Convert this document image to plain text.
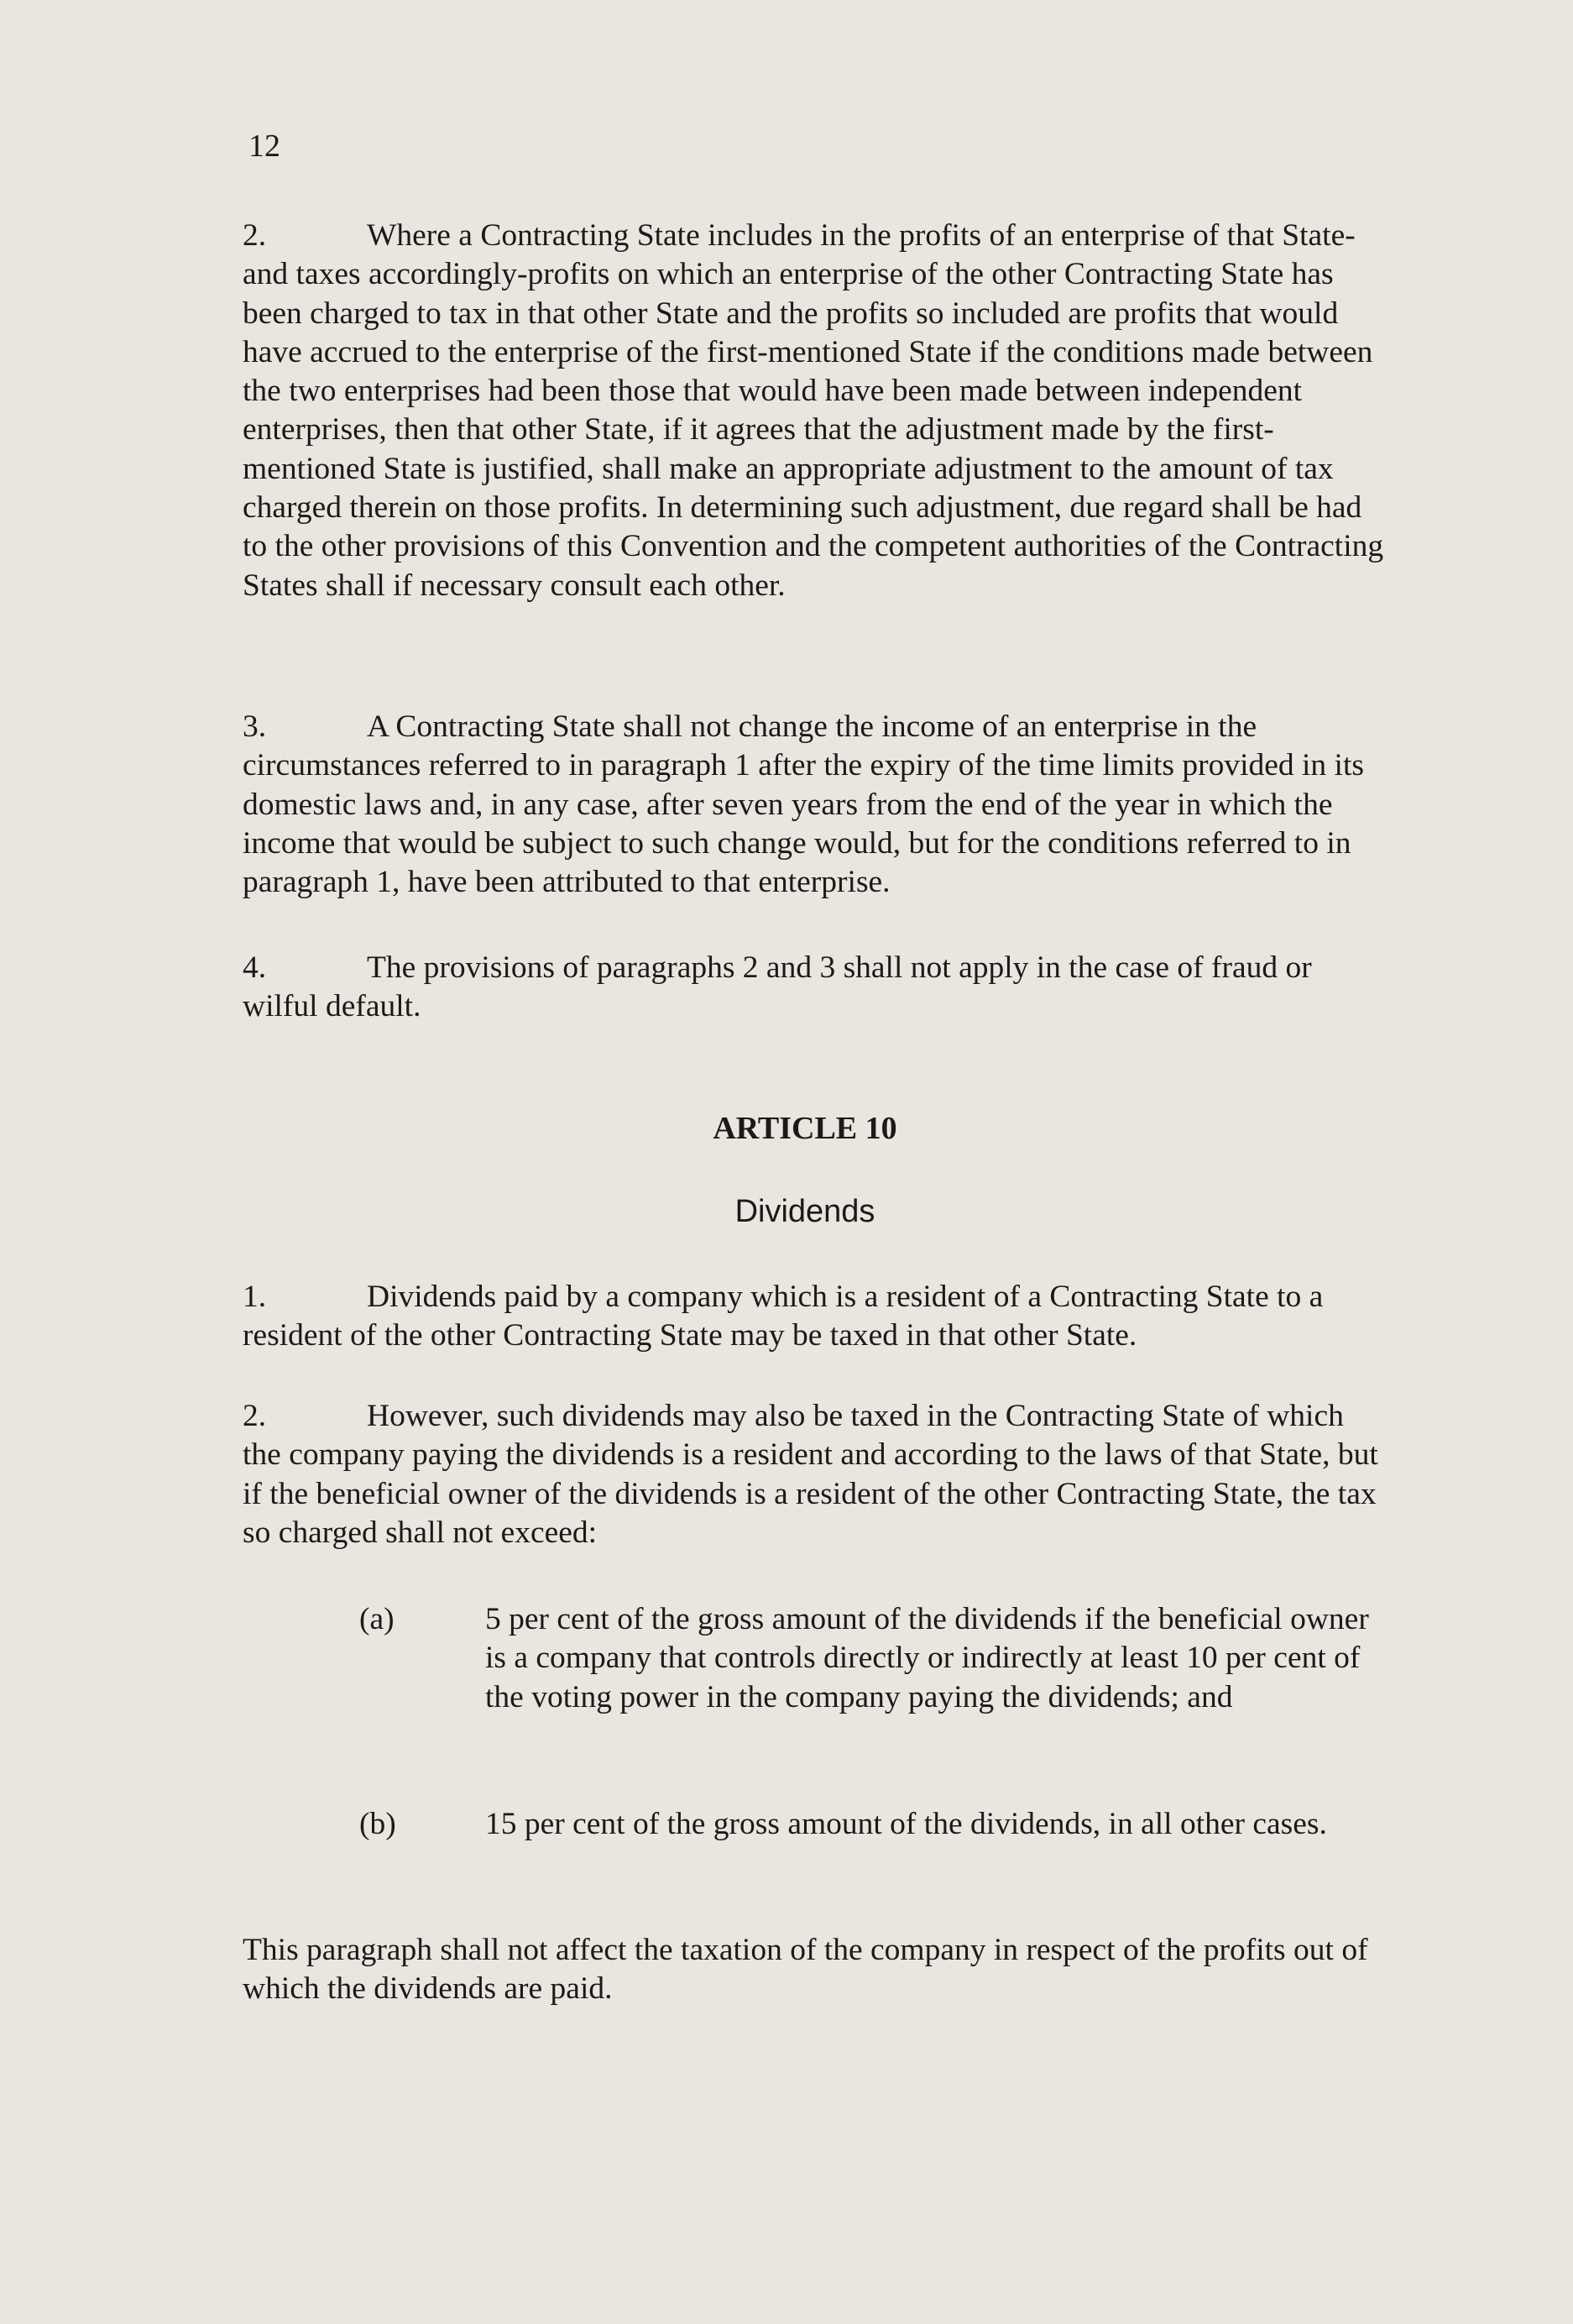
12
2.	Where a Contracting State includes in the profits of an enterprise of that State-and taxes accordingly-profits on which an enterprise of the other Contracting State has been charged to tax in that other State and the profits so included are profits that would have accrued to the enterprise of the first-mentioned State if the conditions made between the two enterprises had been those that would have been made between independent enterprises, then that other State, if it agrees that the adjustment made by the first-mentioned State is justified, shall make an appropriate adjustment to the amount of tax charged therein on those profits. In determining such adjustment, due regard shall be had to the other provisions of this Convention and the competent authorities of the Contracting States shall if necessary consult each other.
3.	A Contracting State shall not change the income of an enterprise in the circumstances referred to in paragraph 1 after the expiry of the time limits provided in its domestic laws and, in any case, after seven years from the end of the year in which the income that would be subject to such change would, but for the conditions referred to in paragraph 1, have been attributed to that enterprise.
4.	The provisions of paragraphs 2 and 3 shall not apply in the case of fraud or wilful default.
ARTICLE 10
Dividends
1.	Dividends paid by a company which is a resident of a Contracting State to a resident of the other Contracting State may be taxed in that other State.
2.	However, such dividends may also be taxed in the Contracting State of which the company paying the dividends is a resident and according to the laws of that State, but if the beneficial owner of the dividends is a resident of the other Contracting State, the tax so charged shall not exceed:
(a)	5 per cent of the gross amount of the dividends if the beneficial owner is a company that controls directly or indirectly at least 10 per cent of the voting power in the company paying the dividends; and
(b)	15 per cent of the gross amount of the dividends, in all other cases.
This paragraph shall not affect the taxation of the company in respect of the profits out of which the dividends are paid.
